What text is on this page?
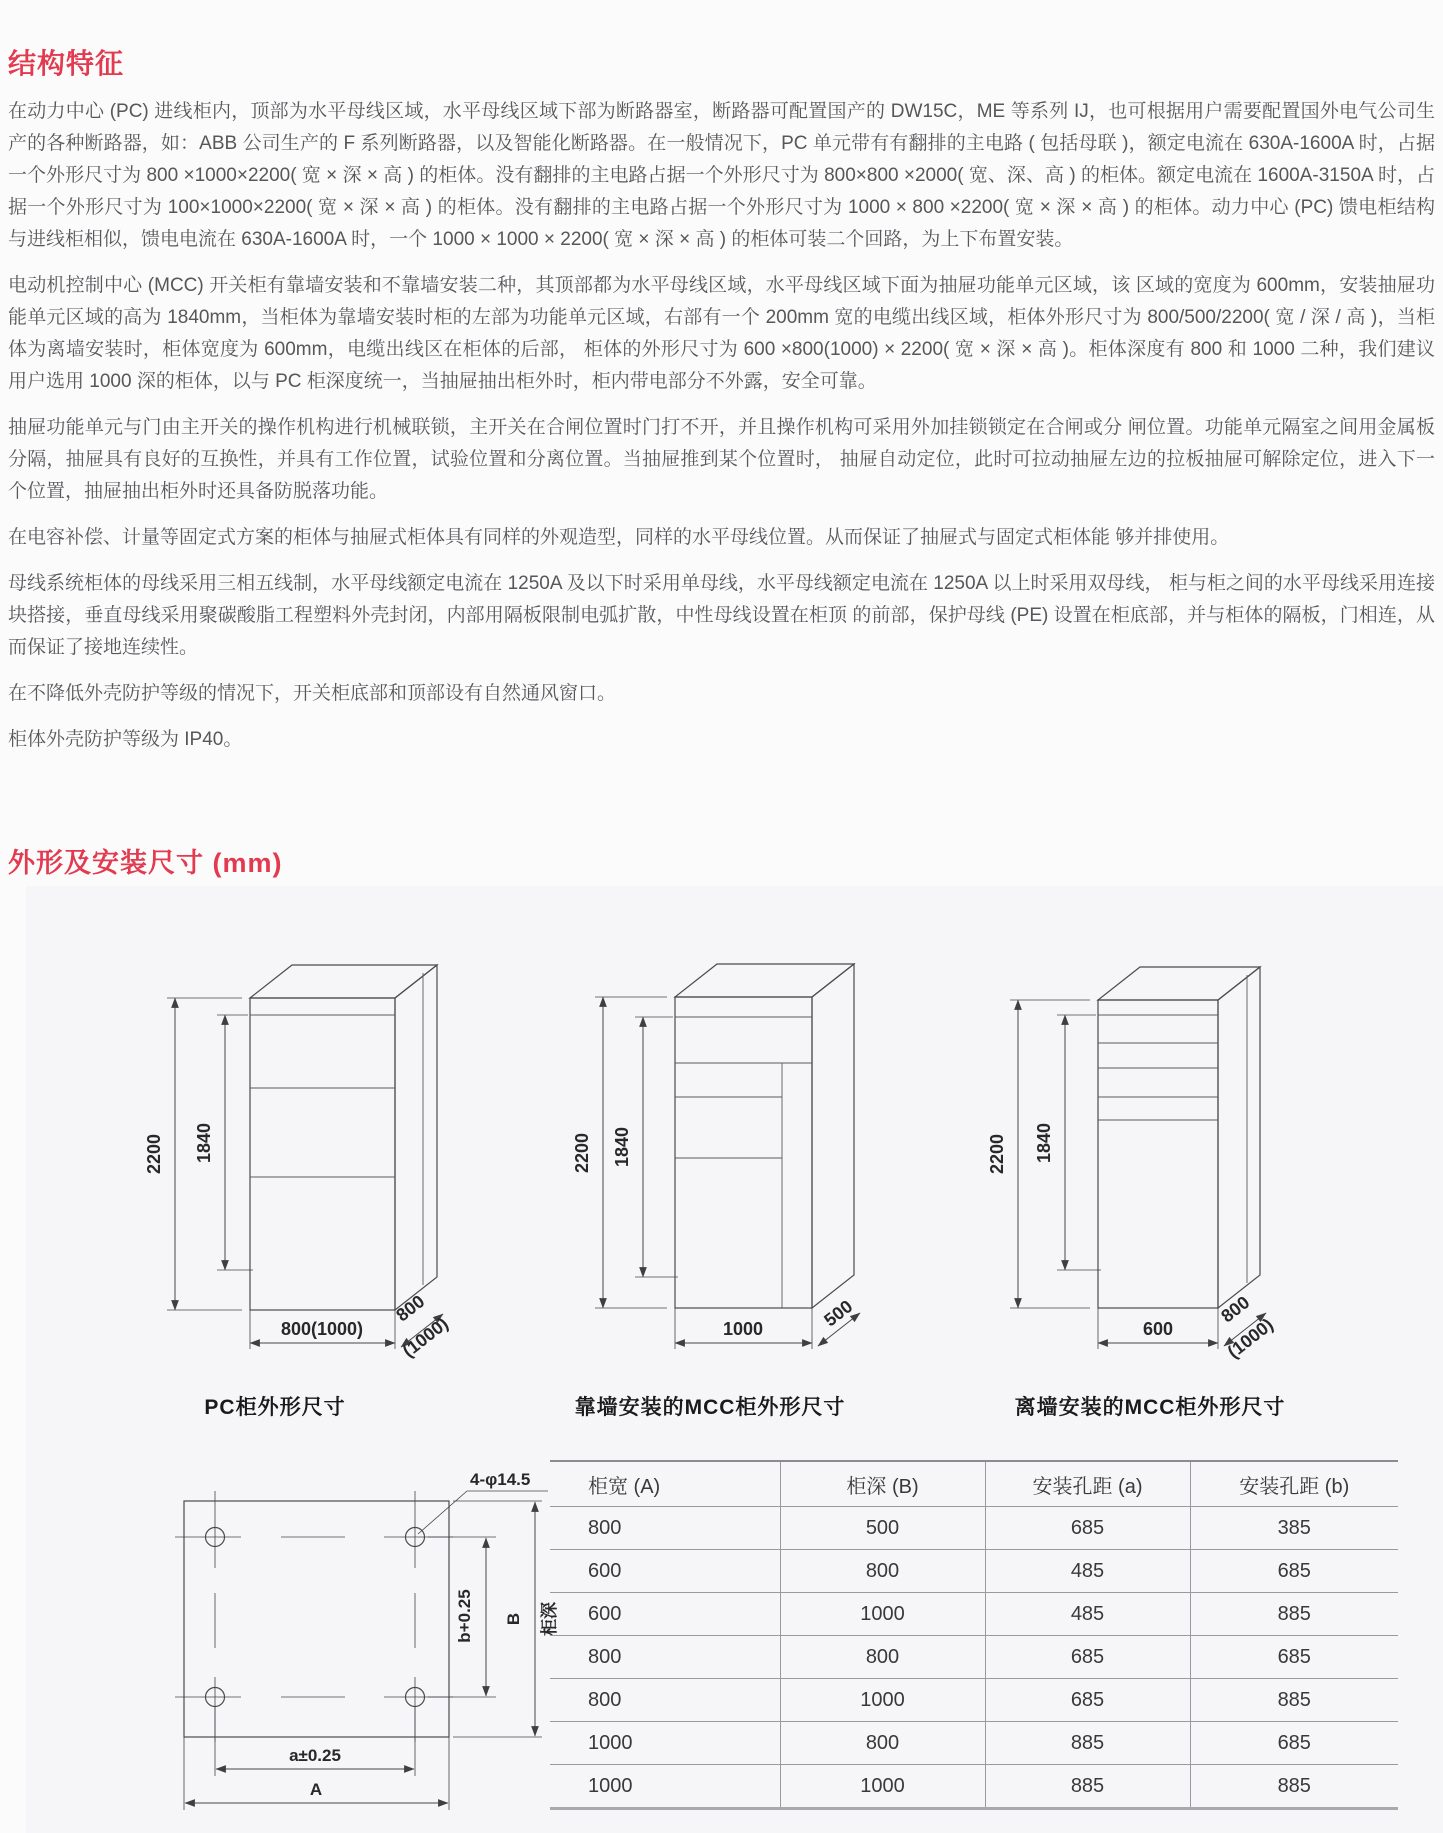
结构特征

在动力中心 (PC) 进线柜内，顶部为水平母线区域，水平母线区域下部为断路器室，断路器可配置国产的 DW15C，ME 等系列 IJ，也可根据用户需要配置国外电气公司生产的各种断路器，如：ABB 公司生产的 F 系列断路器，以及智能化断路器。在一般情况下，PC 单元带有有翻排的主电路 ( 包括母联 )，额定电流在 630A-1600A 时，占据一个外形尺寸为 800 ×1000×2200( 宽 × 深 × 高 ) 的柜体。没有翻排的主电路占据一个外形尺寸为 800×800 ×2000( 宽、深、高 ) 的柜体。额定电流在 1600A-3150A 时，占据一个外形尺寸为 100×1000×2200( 宽 × 深 × 高 ) 的柜体。没有翻排的主电路占据一个外形尺寸为 1000 × 800 ×2200( 宽 × 深 × 高 ) 的柜体。动力中心 (PC) 馈电柜结构与进线柜相似，馈电电流在 630A-1600A 时，一个 1000 × 1000 × 2200( 宽 × 深 × 高 ) 的柜体可装二个回路，为上下布置安装。

电动机控制中心 (MCC) 开关柜有靠墙安装和不靠墙安装二种，其顶部都为水平母线区域，水平母线区域下面为抽屉功能单元区域，该 区域的宽度为 600mm，安装抽屉功能单元区域的高为 1840mm，当柜体为靠墙安装时柜的左部为功能单元区域，右部有一个 200mm 宽的电缆出线区域，柜体外形尺寸为 800/500/2200( 宽 / 深 / 高 )，当柜体为离墙安装时，柜体宽度为 600mm，电缆出线区在柜体的后部， 柜体的外形尺寸为 600 ×800(1000) × 2200( 宽 × 深 × 高 )。柜体深度有 800 和 1000 二种，我们建议用户选用 1000 深的柜体，以与 PC 柜深度统一，当抽屉抽出柜外时，柜内带电部分不外露，安全可靠。

抽屉功能单元与门由主开关的操作机构进行机械联锁，主开关在合闸位置时门打不开，并且操作机构可采用外加挂锁锁定在合闸或分 闸位置。功能单元隔室之间用金属板分隔，抽屉具有良好的互换性，并具有工作位置，试验位置和分离位置。当抽屉推到某个位置时， 抽屉自动定位，此时可拉动抽屉左边的拉板抽屉可解除定位，进入下一个位置，抽屉抽出柜外时还具备防脱落功能。

在电容补偿、计量等固定式方案的柜体与抽屉式柜体具有同样的外观造型，同样的水平母线位置。从而保证了抽屉式与固定式柜体能 够并排使用。

母线系统柜体的母线采用三相五线制，水平母线额定电流在 1250A 及以下时采用单母线，水平母线额定电流在 1250A 以上时采用双母线， 柜与柜之间的水平母线采用连接块搭接，垂直母线采用聚碳酸脂工程塑料外壳封闭，内部用隔板限制电弧扩散，中性母线设置在柜顶 的前部，保护母线 (PE) 设置在柜底部，并与柜体的隔板，门相连，从而保证了接地连续性。

在不降低外壳防护等级的情况下，开关柜底部和顶部设有自然通风窗口。

柜体外壳防护等级为 IP40。

外形及安装尺寸 (mm)
2200 1840
800(1000)
800
(1000)
PC柜外形尺寸
2200 1840
1000	500
靠墙安装的MCC柜外形尺寸
2200 1840
600
800
(1000)
离墙安装的MCC柜外形尺寸
4-φ14.5
b+0.25 B 柜深
a±0.25
A
柜宽 (A)	柜深 (B)	安装孔距 (a)	安装孔距 (b)
800	500	685	385
600	800	485	685
600	1000	485	885
800	800	685	685
800	1000	685	885
1000	800	885	685
1000	1000	885	885
